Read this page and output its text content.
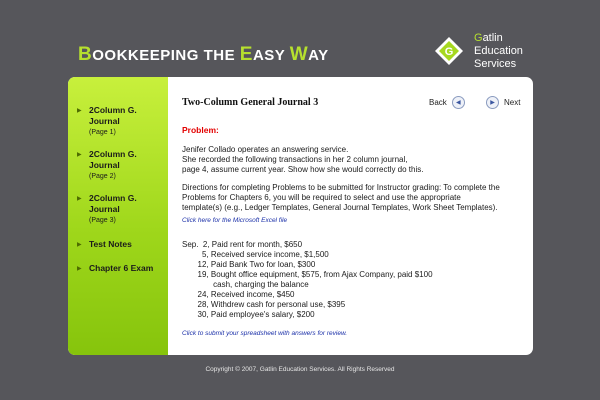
BOOKKEEPING THE EASY WAY	G
Gatlin
Education
Services
▶ 2Column G. Journal
(Page 1)
▶ 2Column G. Journal
(Page 2)
▶ 2Column G. Journal
(Page 3)
▶ Test Notes
▶ Chapter 6 Exam
Two-Column General Journal 3	Back	◀	▶	Next
Problem:
Jenifer Collado operates an answering service.
She recorded the following transactions in her 2 column journal,
page 4, assume current year. Show how she would correctly do this.
Directions for completing Problems to be submitted for Instructor grading: To complete the
Problems for Chapters 6, you will be required to select and use the appropriate
template(s) (e.g., Ledger Templates, General Journal Templates, Work Sheet Templates).
Click here for the Microsoft Excel file
Sep.  2, Paid rent for month, $650
5, Received service income, $1,500
12, Paid Bank Two for loan, $300
19, Bought office equipment, $575, from Ajax Company, paid $100
cash, charging the balance
24, Received income, $450
28, Withdrew cash for personal use, $395
30, Paid employee's salary, $200
Click to submit your spreadsheet with answers for review.
Copyright © 2007, Gatlin Education Services. All Rights Reserved
